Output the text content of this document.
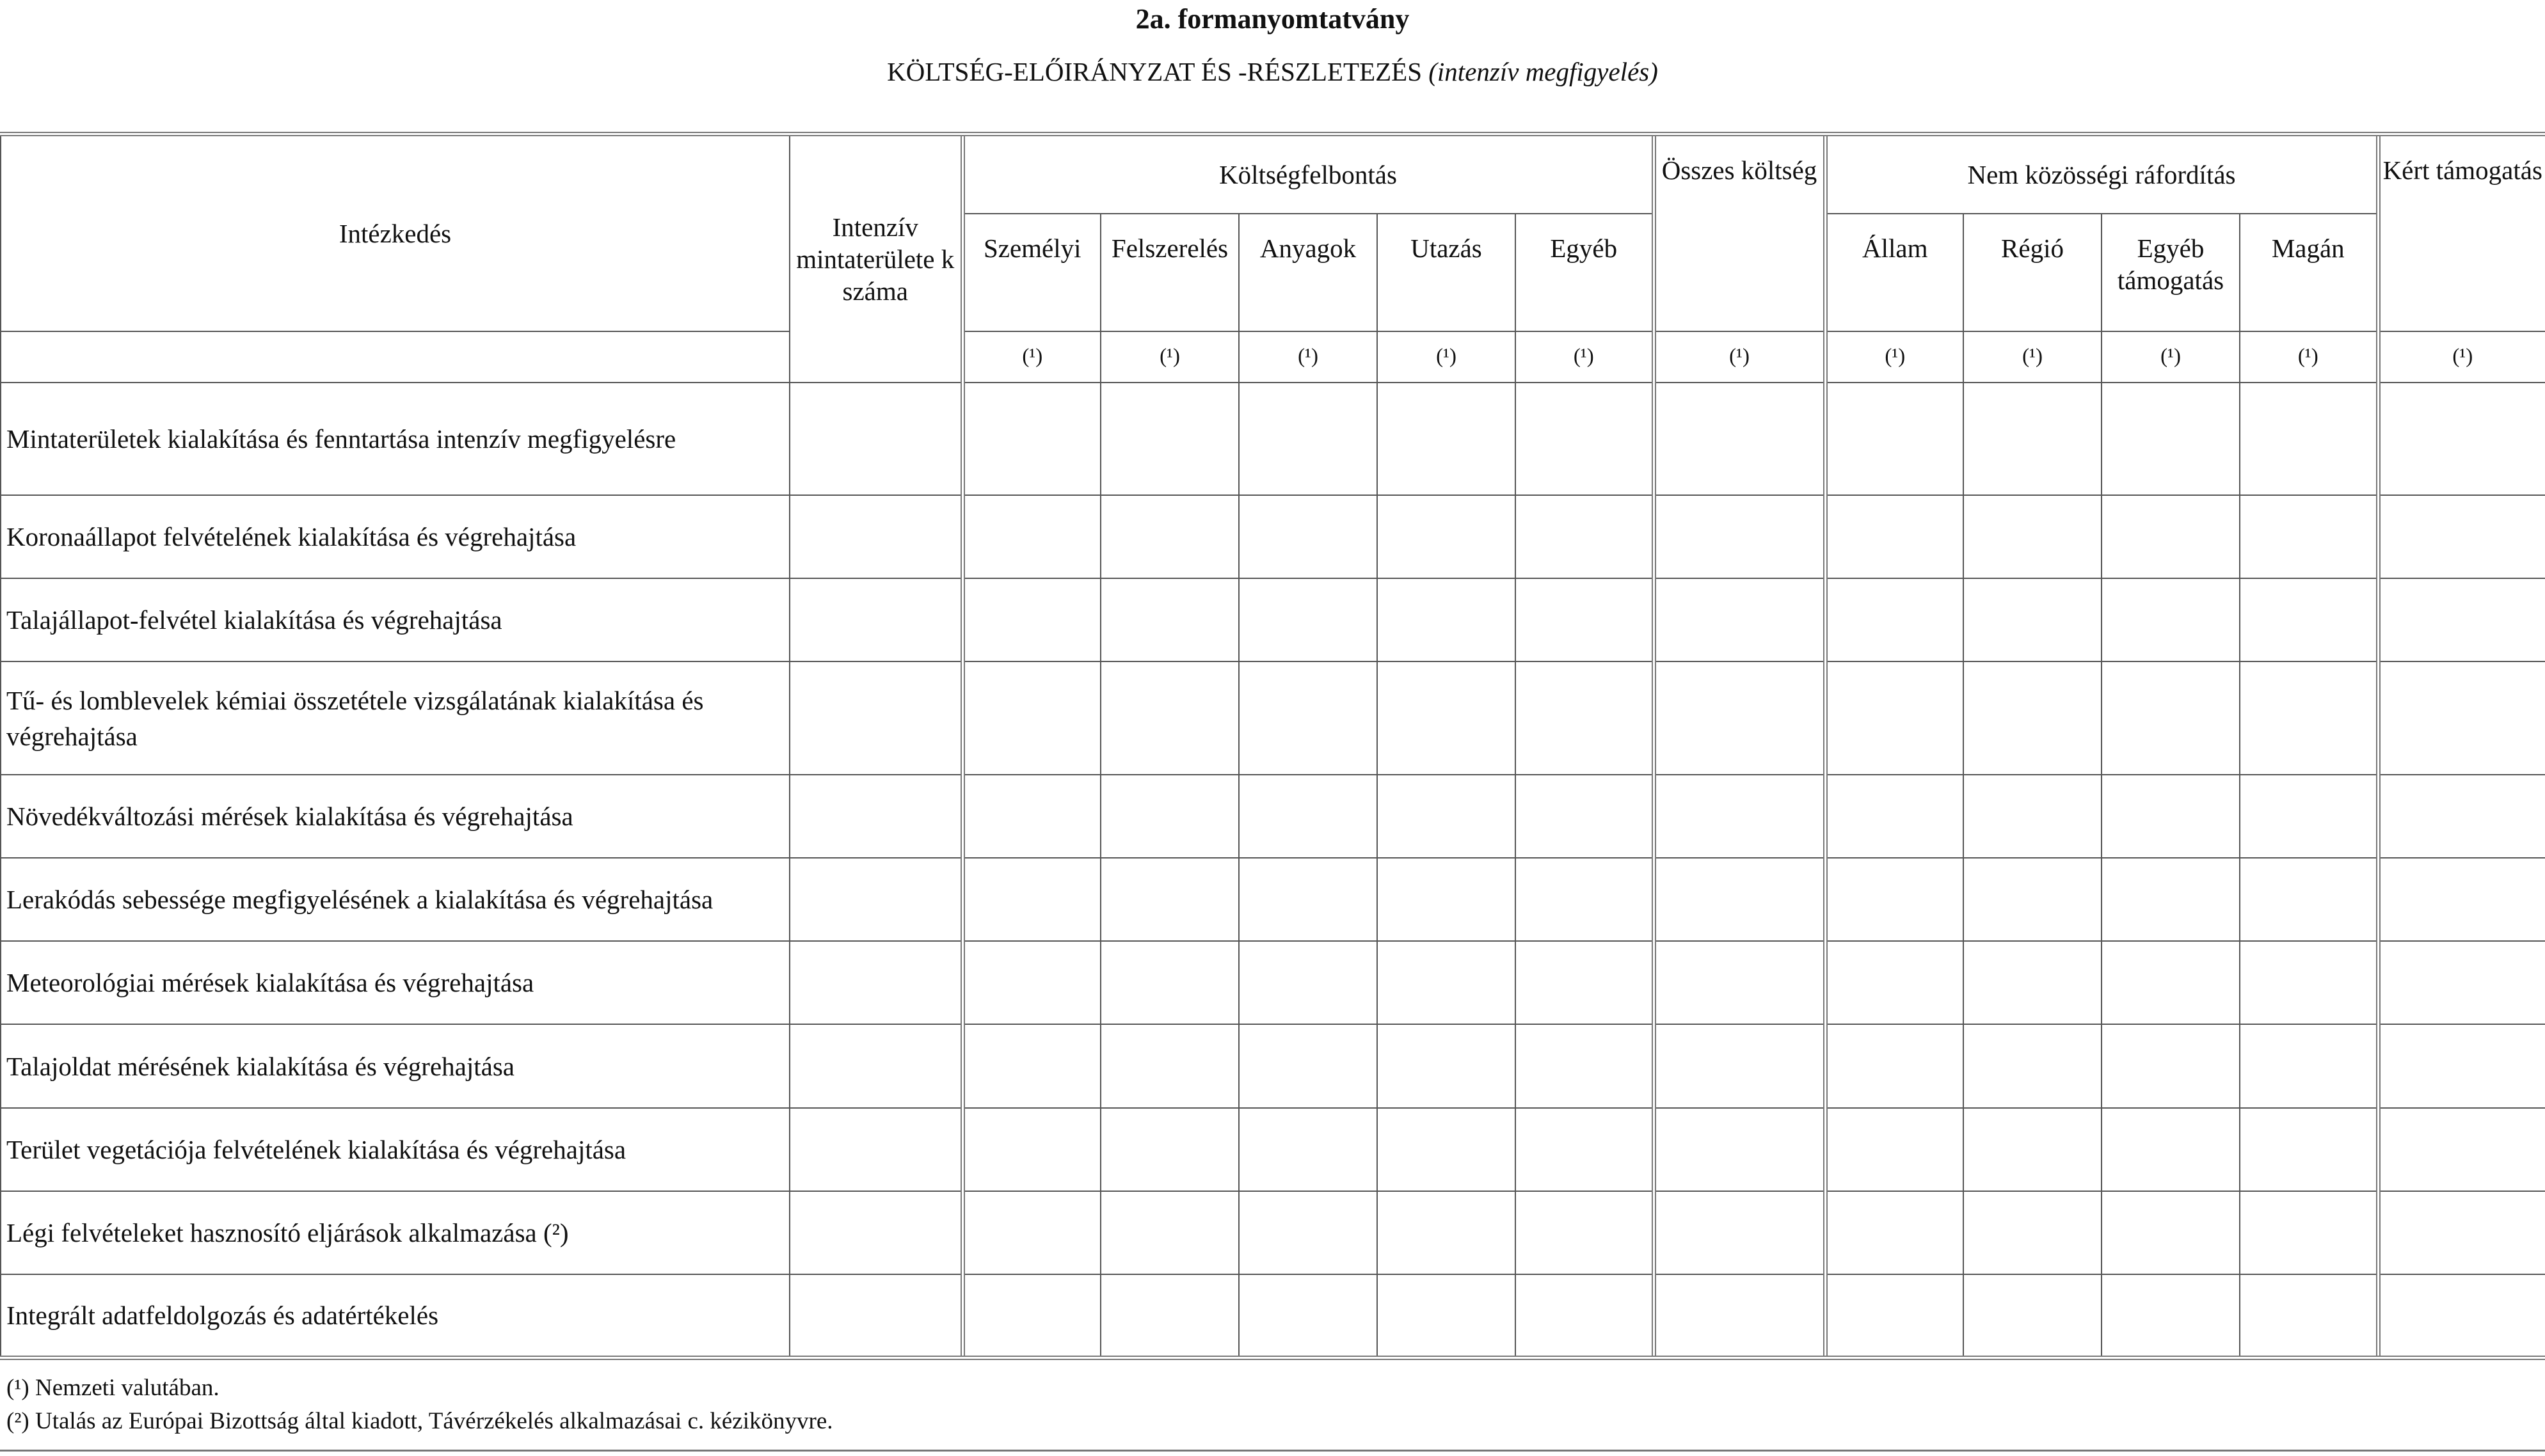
2a. formanyomtatvány
KÖLTSÉG-ELŐIRÁNYZAT ÉS -RÉSZLETEZÉS (intenzív megfigyelés)
Intézkedés	Intenzív mintaterülete k száma	Költségfelbontás					Összes költség	Nem közösségi ráfordítás				Kért támogatás
		Személyi	Felszerelés	Anyagok	Utazás	Egyéb		Állam	Régió	Egyéb támogatás	Magán	
		(¹)	(¹)	(¹)	(¹)	(¹)	(¹)	(¹)	(¹)	(¹)	(¹)	(¹)
Mintaterületek kialakítása és fenntartása intenzív megfigyelésre												
Koronaállapot felvételének kialakítása és végrehajtása												
Talajállapot-felvétel kialakítása és végrehajtása												
Tű- és lomblevelek kémiai összetétele vizsgálatának kialakítása és végrehajtása												
Növedékváltozási mérések kialakítása és végrehajtása												
Lerakódás sebessége megfigyelésének a kialakítása és végrehajtása												
Meteorológiai mérések kialakítása és végrehajtása												
Talajoldat mérésének kialakítása és végrehajtása												
Terület vegetációja felvételének kialakítása és végrehajtása												
Légi felvételeket hasznosító eljárások alkalmazása (²)												
Integrált adatfeldolgozás és adatértékelés												
(¹) Nemzeti valutában.
(²) Utalás az Európai Bizottság által kiadott, Távérzékelés alkalmazásai c. kézikönyvre.
